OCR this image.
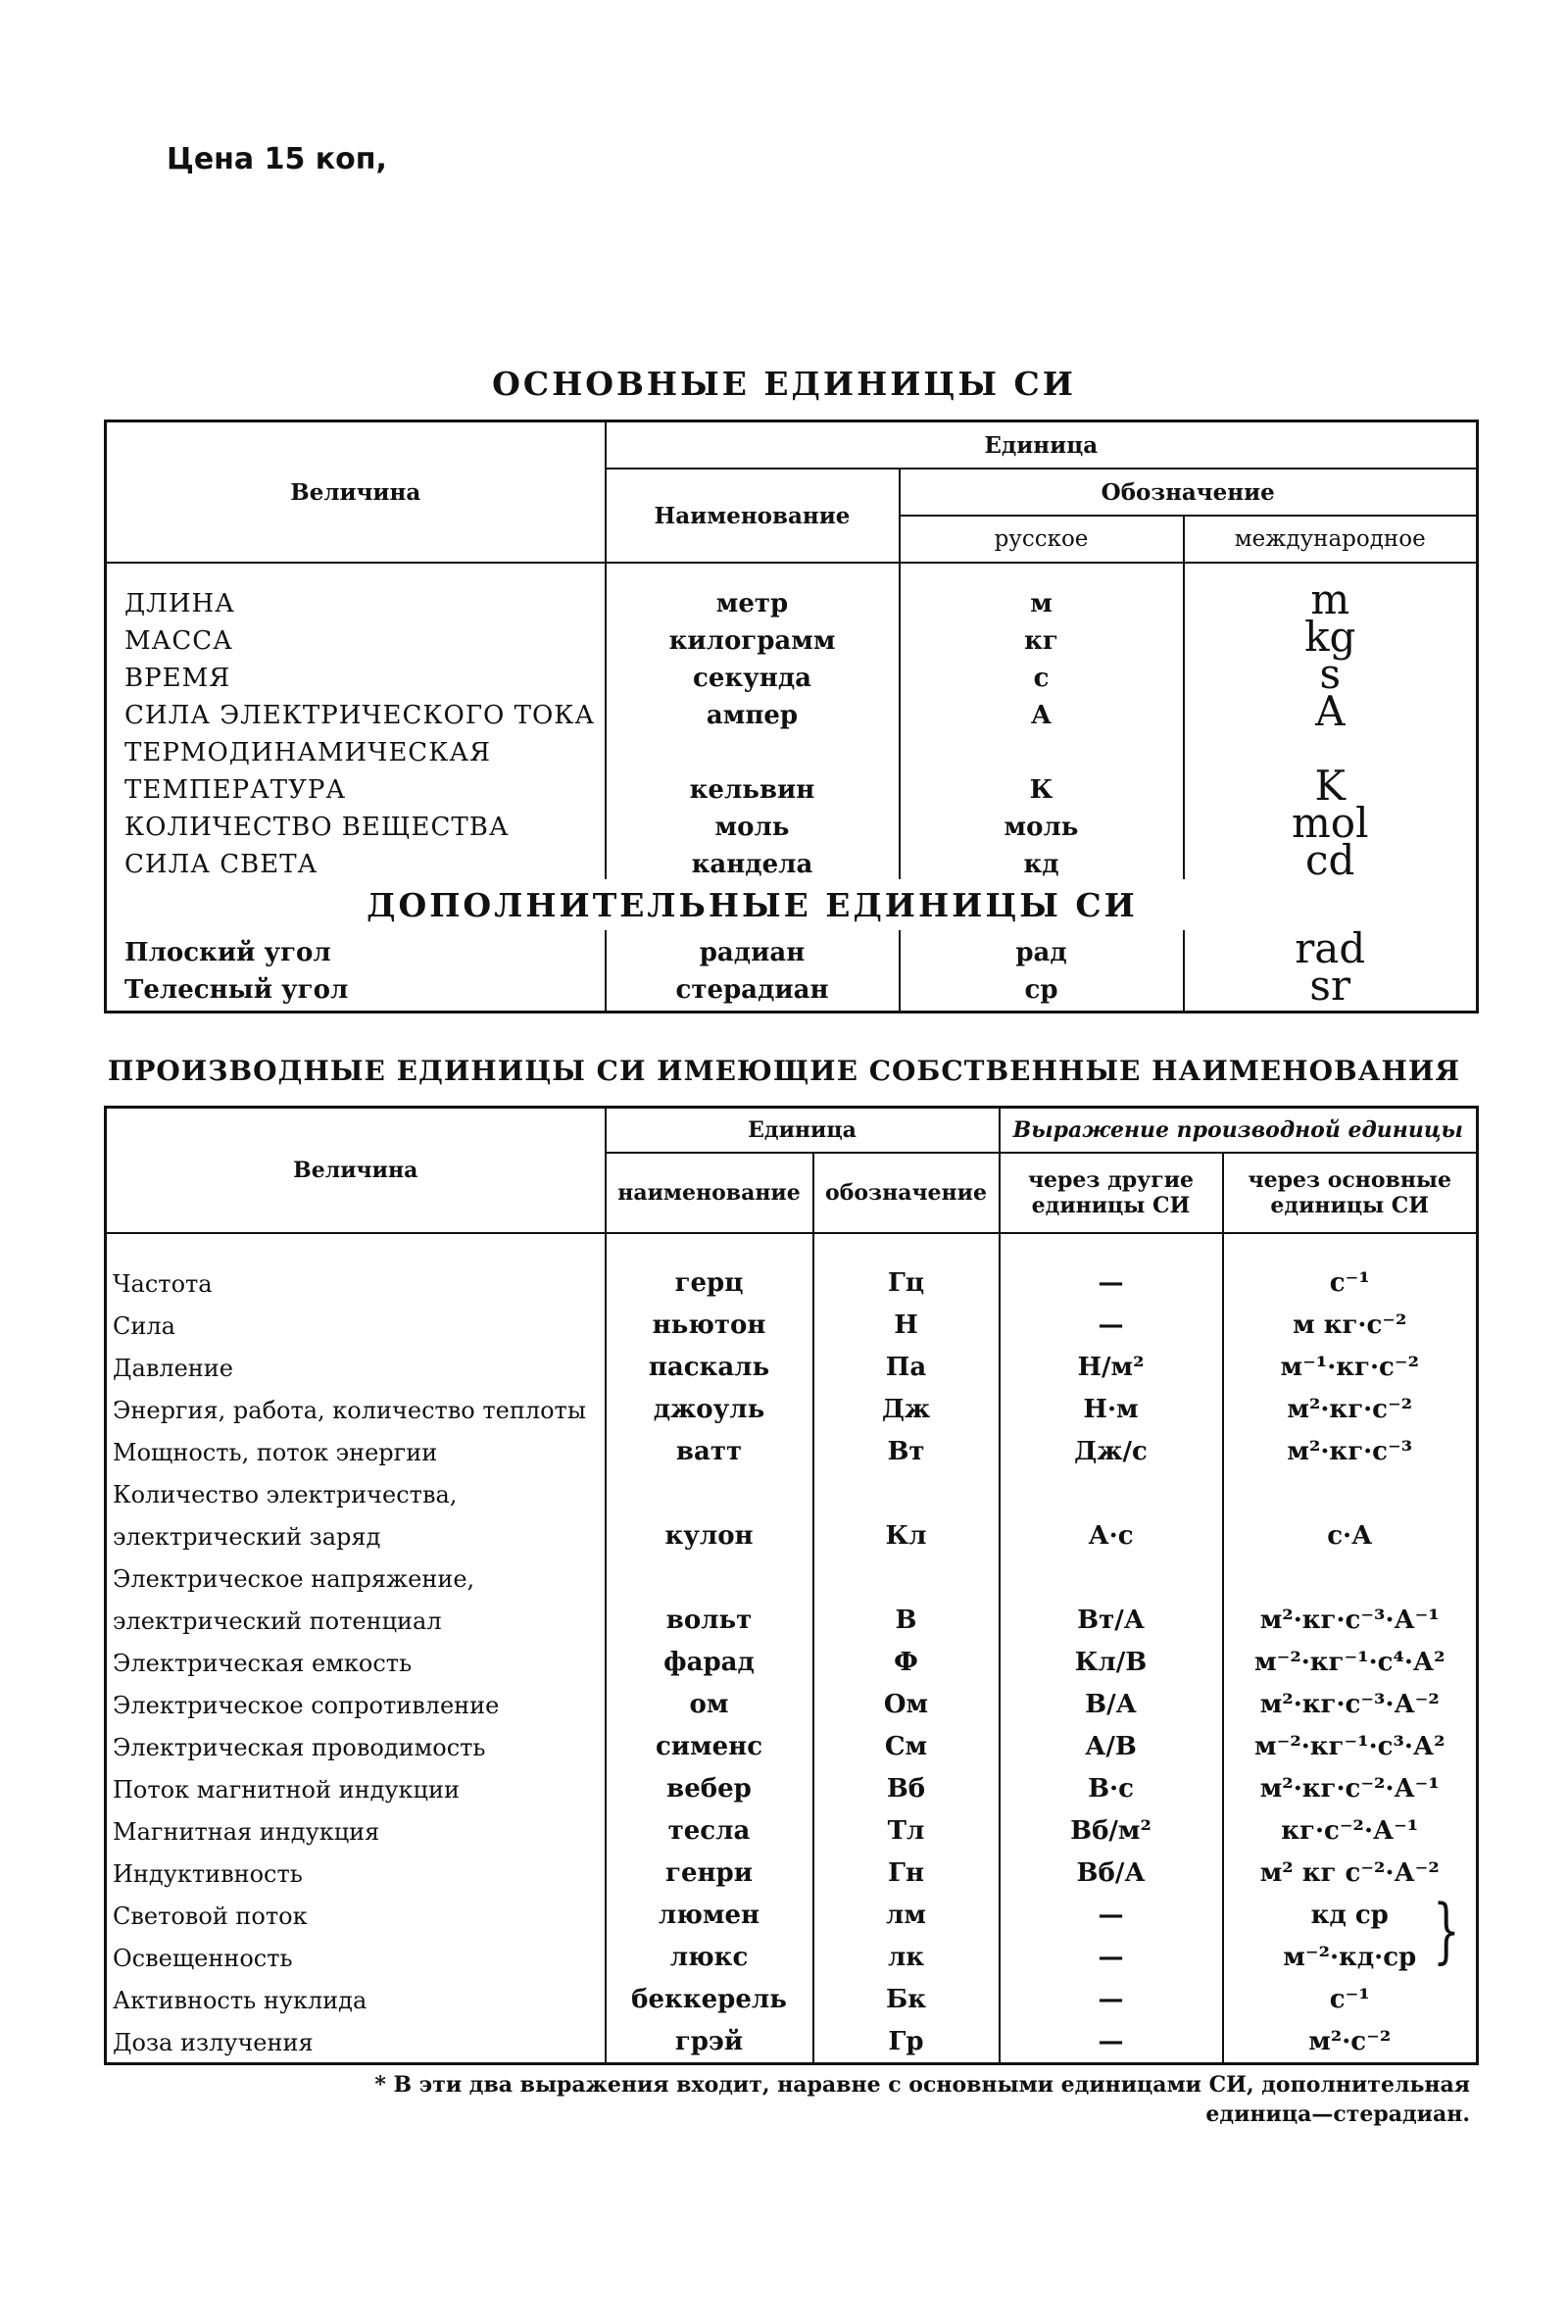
Цена 15 коп,
ОСНОВНЫЕ ЕДИНИЦЫ СИ
Величина	Единица		
	Наименование	Обозначение	
		русское	международное
ДЛИНА	метр	м	m
МАССА	килограмм	кг	kg
ВРЕМЯ	секунда	с	s
СИЛА ЭЛЕКТРИЧЕСКОГО ТОКА	ампер	А	A
ТЕРМОДИНАМИЧЕСКАЯ			
ТЕМПЕРАТУРА	кельвин	К	K
КОЛИЧЕСТВО ВЕЩЕСТВА	моль	моль	mol
СИЛА СВЕТА	кандела	кд	cd

ДОПОЛНИТЕЛЬНЫЕ ЕДИНИЦЫ СИ			

Плоский угол	радиан	рад	rad
Телесный угол	стерадиан	ср	sr
ПРОИЗВОДНЫЕ ЕДИНИЦЫ СИ ИМЕЮЩИЕ СОБСТВЕННЫЕ НАИМЕНОВАНИЯ
Величина	Единица		Выражение производной единицы	
	наименование	обозначение	через другие единицы СИ	через основные единицы СИ
Частота	герц	Гц	—	с⁻¹
Сила	ньютон	Н	—	м кг·с⁻²
Давление	паскаль	Па	Н/м²	м⁻¹·кг·с⁻²
Энергия, работа, количество теплоты	джоуль	Дж	Н·м	м²·кг·с⁻²
Мощность, поток энергии	ватт	Вт	Дж/с	м²·кг·с⁻³
Количество электричества,				
электрический заряд	кулон	Кл	А·с	с·А
Электрическое напряжение,				
электрический потенциал	вольт	В	Вт/А	м²·кг·с⁻³·А⁻¹
Электрическая емкость	фарад	Ф	Кл/В	м⁻²·кг⁻¹·с⁴·А²
Электрическое сопротивление	ом	Ом	В/А	м²·кг·с⁻³·А⁻²
Электрическая проводимость	сименс	См	А/В	м⁻²·кг⁻¹·с³·А²
Поток магнитной индукции	вебер	Вб	В·с	м²·кг·с⁻²·А⁻¹
Магнитная индукция	тесла	Тл	Вб/м²	кг·с⁻²·А⁻¹
Индуктивность	генри	Гн	Вб/А	м² кг с⁻²·А⁻²
Световой поток	люмен	лм	—	кд ср
Освещенность	люкс	лк	—	м⁻²·кд·ср
Активность нуклида	беккерель	Бк	—	с⁻¹
Доза излучения	грэй	Гр	—	м²·с⁻²
}
* В эти два выражения входит, наравне с основными единицами СИ, дополнительная единица—стерадиан.
